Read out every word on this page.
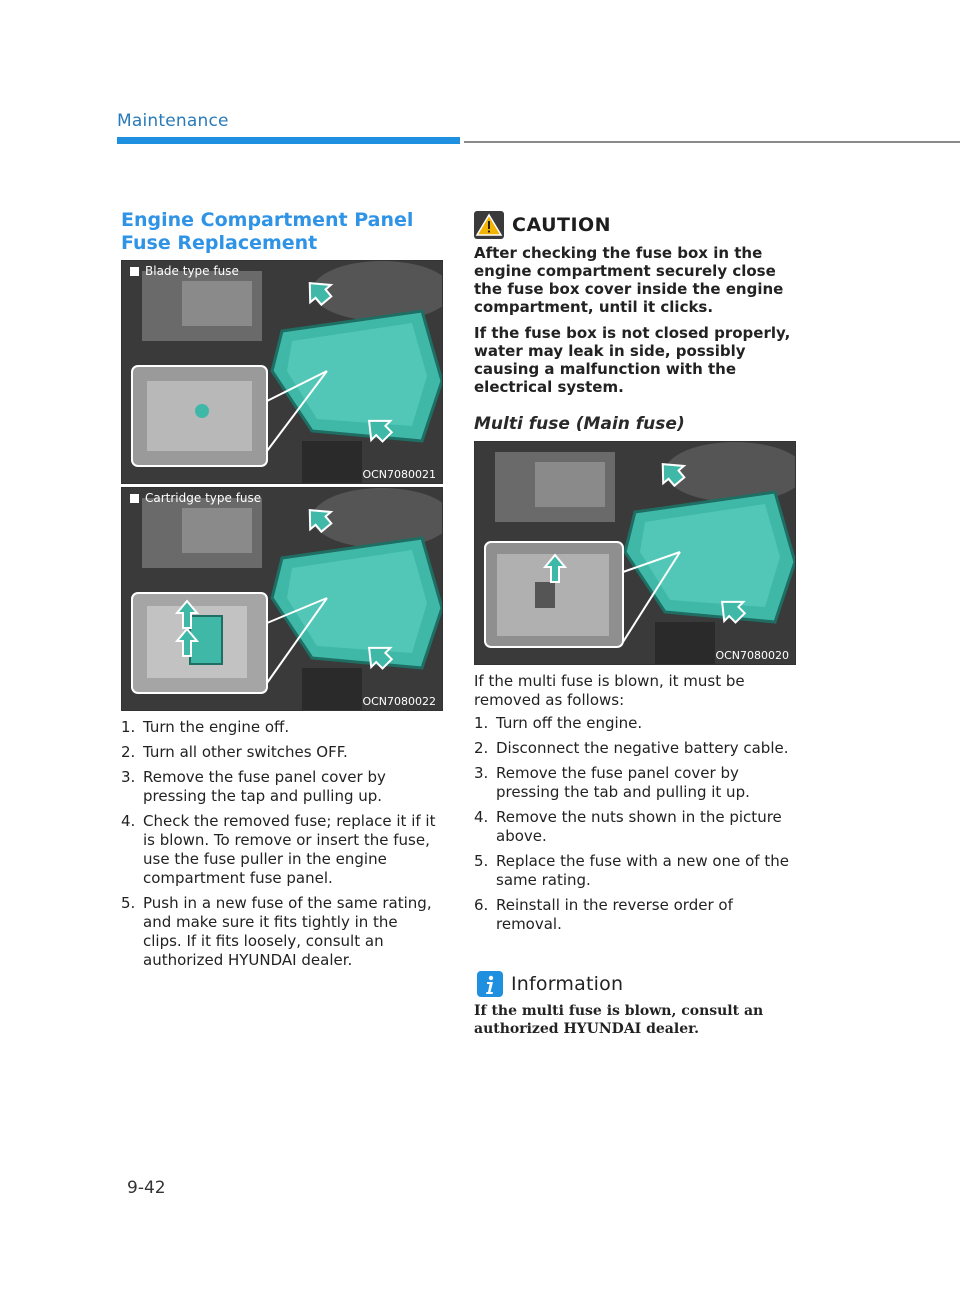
Maintenance
Engine Compartment Panel Fuse Replacement
Blade type fuse
OCN7080021
Cartridge type fuse
OCN7080022
1. Turn the engine off.
2. Turn all other switches OFF.
3. Remove the fuse panel cover by pressing the tap and pulling up.
4. Check the removed fuse; replace it if it is blown. To remove or insert the fuse, use the fuse puller in the engine compartment fuse panel.
5. Push in a new fuse of the same rating, and make sure it fits tightly in the clips. If it fits loosely, consult an authorized HYUNDAI dealer.
CAUTION

After checking the fuse box in the engine compartment securely close the fuse box cover inside the engine compartment, until it clicks.

If the fuse box is not closed properly, water may leak in side, possibly causing a malfunction with the electrical system.

Multi fuse (Main fuse)
OCN7080020
If the multi fuse is blown, it must be removed as follows:
1. Turn off the engine.
2. Disconnect the negative battery cable.
3. Remove the fuse panel cover by pressing the tab and pulling it up.
4. Remove the nuts shown in the picture above.
5. Replace the fuse with a new one of the same rating.
6. Reinstall in the reverse order of removal.
Information
If the multi fuse is blown, consult an authorized HYUNDAI dealer.
9-42
